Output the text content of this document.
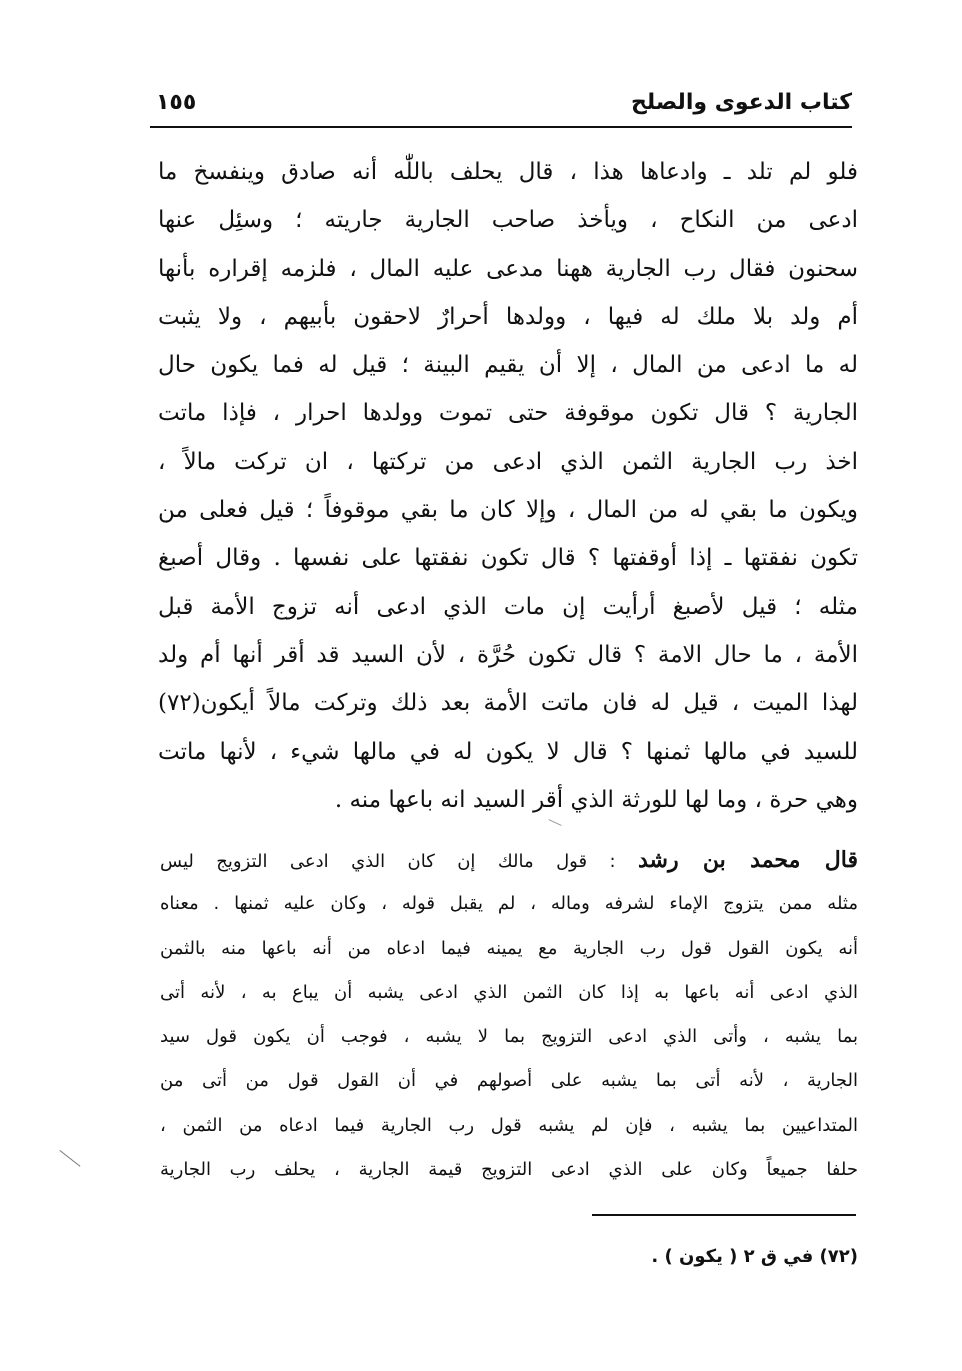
كتاب الدعوى والصلح
١٥٥
فلو لم تلد ـ وادعاها هذا ، قال يحلف باللّٰه أنه صادق وينفسخ ما
ادعى من النكاح ، ويأخذ صاحب الجارية جاريته ؛ وسئِل عنها
سحنون فقال رب الجارية ههنا مدعى عليه المال ، فلزمه إقراره بأنها
أم ولد بلا ملك له فيها ، وولدها أحرارٌ لاحقون بأبيهم ، ولا يثبت
له ما ادعى من المال ، إلا أن يقيم البينة ؛ قيل له فما يكون حال
الجارية ؟ قال تكون موقوفة حتى تموت وولدها احرار ، فإذا ماتت
اخذ رب الجارية الثمن الذي ادعى من تركتها ، ان تركت مالاً ،
ويكون ما بقي له من المال ، وإلا كان ما بقي موقوفاً ؛ قيل فعلى من
تكون نفقتها ـ إذا أوقفتها ؟ قال تكون نفقتها على نفسها . وقال أصبغ
مثله ؛ قيل لأصبغ أرأيت إن مات الذي ادعى أنه تزوج الأمة قبل
الأمة ، ما حال الامة ؟ قال تكون حُرَّة ، لأن السيد قد أقر أنها أم ولد
لهذا الميت ، قيل له فان ماتت الأمة بعد ذلك وتركت مالاً أيكون(٧٢)
للسيد في مالها ثمنها ؟ قال لا يكون له في مالها شيء ، لأنها ماتت
وهي حرة ، وما لها للورثة الذي أقر السيد انه باعها منه .
قال محمد بن رشد : قول مالك إن كان الذي ادعى التزويج ليس
مثله ممن يتزوج الإماء لشرفه وماله ، لم يقبل قوله ، وكان عليه ثمنها . معناه
أنه يكون القول قول رب الجارية مع يمينه فيما ادعاه من أنه باعها منه بالثمن
الذي ادعى أنه باعها به إذا كان الثمن الذي ادعى يشبه أن يباع به ، لأنه أتى
بما يشبه ، وأتى الذي ادعى التزويج بما لا يشبه ، فوجب أن يكون قول سيد
الجارية ، لأنه أتى بما يشبه على أصولهم في أن القول قول من أتى من
المتداعيين بما يشبه ، فإن لم يشبه قول رب الجارية فيما ادعاه من الثمن ،
حلفا جميعاً وكان على الذي ادعى التزويج قيمة الجارية ، يحلف رب الجارية
(٧٢) في ق ٢ ( يكون ) .
